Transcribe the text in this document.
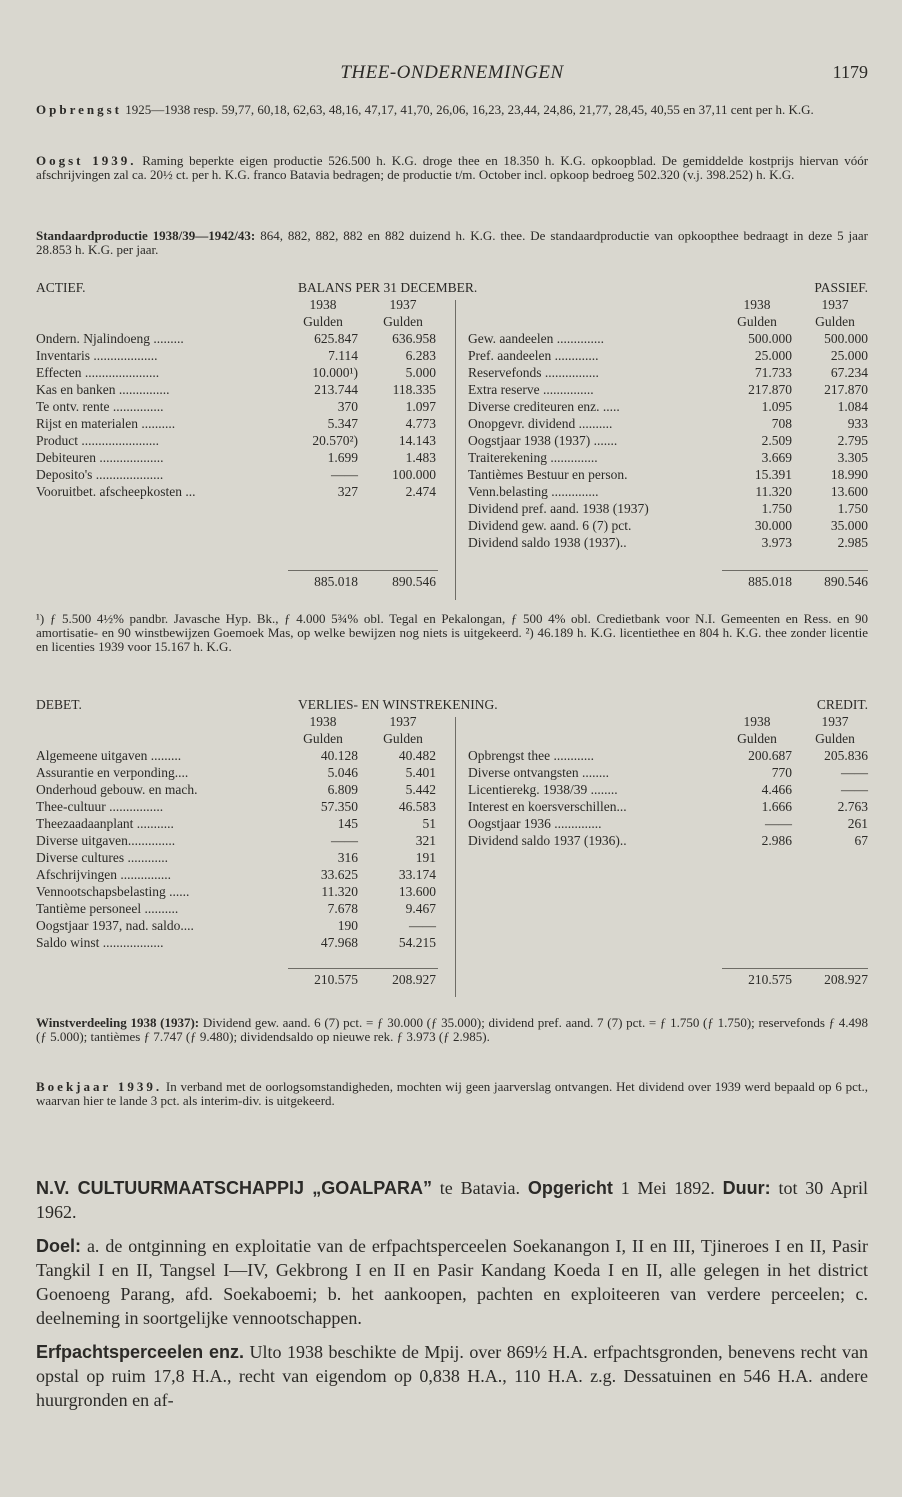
THEE-ONDERNEMINGEN	1179
Opbrengst 1925—1938 resp. 59,77, 60,18, 62,63, 48,16, 47,17, 41,70, 26,06, 16,23, 23,44, 24,86, 21,77, 28,45, 40,55 en 37,11 cent per h. K.G.
Oogst 1939. Raming beperkte eigen productie 526.500 h. K.G. droge thee en 18.350 h. K.G. opkoopblad. De gemiddelde kostprijs hiervan vóór afschrijvingen zal ca. 20½ ct. per h. K.G. franco Batavia bedragen; de productie t/m. October incl. opkoop bedroeg 502.320 (v.j. 398.252) h. K.G.
Standaardproductie 1938/39—1942/43: 864, 882, 882, 882 en 882 duizend h. K.G. thee. De standaardproductie van opkoopthee bedraagt in deze 5 jaar 28.853 h. K.G. per jaar.
ACTIEF.	BALANS PER 31 DECEMBER.	PASSIEF.
1938	1937
Gulden	Gulden
Ondern. Njalindoeng .........	625.847	636.958
Inventaris ...................	7.114	6.283
Effecten ......................	10.000¹)	5.000
Kas en banken ...............	213.744	118.335
Te ontv. rente ...............	370	1.097
Rijst en materialen ..........	5.347	4.773
Product .......................	20.570²)	14.143
Debiteuren ...................	1.699	1.483
Deposito's ....................	——	100.000
Vooruitbet. afscheepkosten ...	327	2.474
1938	1937
Gulden	Gulden
Gew. aandeelen ..............	500.000	500.000
Pref. aandeelen .............	25.000	25.000
Reservefonds ................	71.733	67.234
Extra reserve ...............	217.870	217.870
Diverse crediteuren enz. .....	1.095	1.084
Onopgevr. dividend ..........	708	933
Oogstjaar 1938 (1937) .......	2.509	2.795
Traiterekening ..............	3.669	3.305
Tantièmes Bestuur en person.	15.391	18.990
Venn.belasting ..............	11.320	13.600
Dividend pref. aand. 1938 (1937)	1.750	1.750
Dividend gew. aand. 6 (7) pct.	30.000	35.000
Dividend saldo 1938 (1937)..	3.973	2.985
885.018	890.546	885.018	890.546
¹) ƒ 5.500 4½% pandbr. Javasche Hyp. Bk., ƒ 4.000 5¾% obl. Tegal en Pekalongan, ƒ 500 4% obl. Credietbank voor N.I. Gemeenten en Ress. en 90 amortisatie- en 90 winstbewijzen Goemoek Mas, op welke bewijzen nog niets is uitgekeerd. ²) 46.189 h. K.G. licentiethee en 804 h. K.G. thee zonder licentie en licenties 1939 voor 15.167 h. K.G.
DEBET.	VERLIES- EN WINSTREKENING.	CREDIT.
1938	1937
Gulden	Gulden
Algemeene uitgaven .........	40.128	40.482
Assurantie en verponding....	5.046	5.401
Onderhoud gebouw. en mach.	6.809	5.442
Thee-cultuur ................	57.350	46.583
Theezaadaanplant ...........	145	51
Diverse uitgaven..............	——	321
Diverse cultures ............	316	191
Afschrijvingen ...............	33.625	33.174
Vennootschapsbelasting ......	11.320	13.600
Tantième personeel ..........	7.678	9.467
Oogstjaar 1937, nad. saldo....	190	——
Saldo winst ..................	47.968	54.215
1938	1937
Gulden	Gulden
Opbrengst thee ............	200.687	205.836
Diverse ontvangsten ........	770	——
Licentierekg. 1938/39 ........	4.466	——
Interest en koersverschillen...	1.666	2.763
Oogstjaar 1936 ..............	——	261
Dividend saldo 1937 (1936)..	2.986	67
210.575	208.927	210.575	208.927
Winstverdeeling 1938 (1937): Dividend gew. aand. 6 (7) pct. = ƒ 30.000 (ƒ 35.000); dividend pref. aand. 7 (7) pct. = ƒ 1.750 (ƒ 1.750); reservefonds ƒ 4.498 (ƒ 5.000); tantièmes ƒ 7.747 (ƒ 9.480); dividendsaldo op nieuwe rek. ƒ 3.973 (ƒ 2.985).
Boekjaar 1939. In verband met de oorlogsomstandigheden, mochten wij geen jaarverslag ontvangen. Het dividend over 1939 werd bepaald op 6 pct., waarvan hier te lande 3 pct. als interim-div. is uitgekeerd.

N.V. CULTUURMAATSCHAPPIJ „GOALPARA” te Batavia. Opgericht 1 Mei 1892. Duur: tot 30 April 1962.

Doel: a. de ontginning en exploitatie van de erfpachtsperceelen Soekanangon I, II en III, Tjineroes I en II, Pasir Tangkil I en II, Tangsel I—IV, Gekbrong I en II en Pasir Kandang Koeda I en II, alle gelegen in het district Goenoeng Parang, afd. Soekaboemi; b. het aankoopen, pachten en exploiteeren van verdere perceelen; c. deelneming in soortgelijke vennootschappen.

Erfpachtsperceelen enz. Ulto 1938 beschikte de Mpij. over 869½ H.A. erfpachtsgronden, benevens recht van opstal op ruim 17,8 H.A., recht van eigendom op 0,838 H.A., 110 H.A. z.g. Dessatuinen en 546 H.A. andere huurgronden en af-
